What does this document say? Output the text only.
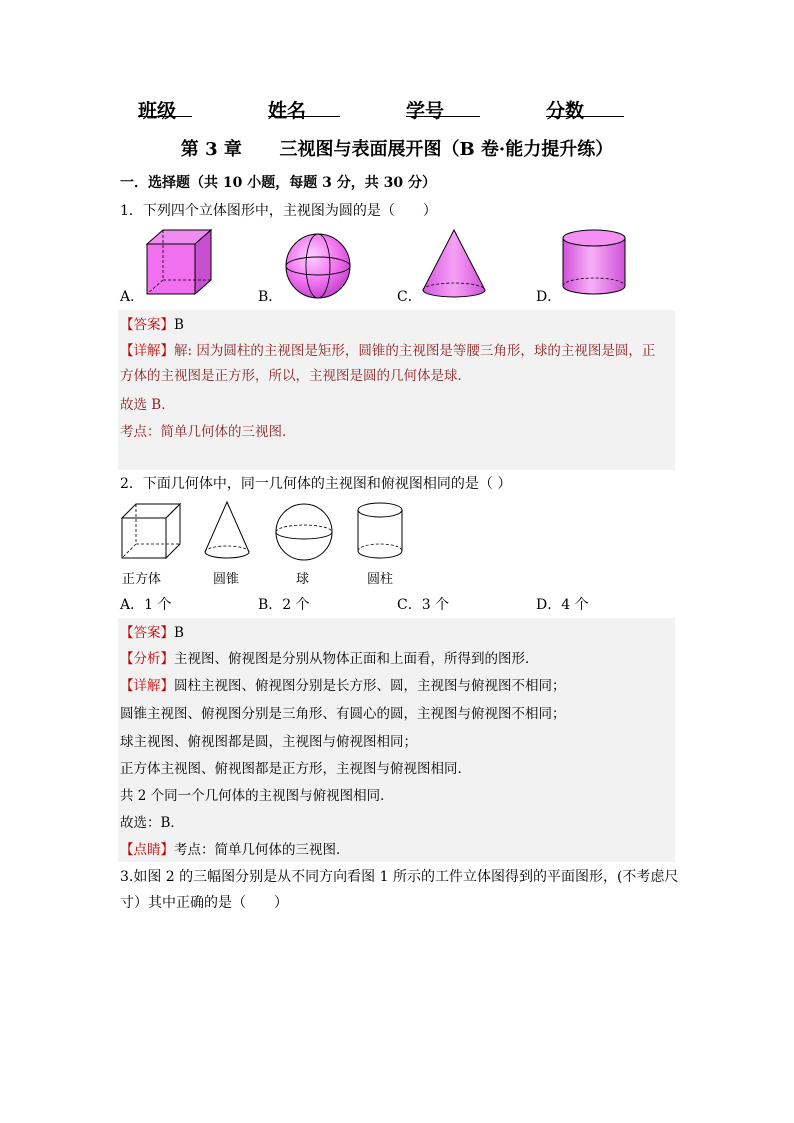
班级	姓名	学号	分数
第 3 章      三视图与表面展开图（B 卷·能力提升练）
一．选择题（共 10 小题，每题 3 分，共 30 分）
1．下列四个立体图形中，主视图为圆的是（　　）
A．	B．	C．	D．
【答案】B
【详解】解: 因为圆柱的主视图是矩形，圆锥的主视图是等腰三角形，球的主视图是圆，正
方体的主视图是正方形，所以，主视图是圆的几何体是球．
故选 B．
考点：简单几何体的三视图．
2．下面几何体中，同一几何体的主视图和俯视图相同的是（ ）
正方体	圆锥	球	圆柱
A．1 个	B．2 个	C．3 个	D．4 个
【答案】B
【分析】主视图、俯视图是分别从物体正面和上面看，所得到的图形．
【详解】圆柱主视图、俯视图分别是长方形、圆，主视图与俯视图不相同；
圆锥主视图、俯视图分别是三角形、有圆心的圆，主视图与俯视图不相同；
球主视图、俯视图都是圆，主视图与俯视图相同；
正方体主视图、俯视图都是正方形，主视图与俯视图相同．
共 2 个同一个几何体的主视图与俯视图相同．
故选：B．
【点睛】考点：简单几何体的三视图．
3.如图 2 的三幅图分别是从不同方向看图 1 所示的工件立体图得到的平面图形，(不考虑尺
寸）其中正确的是（　　）
